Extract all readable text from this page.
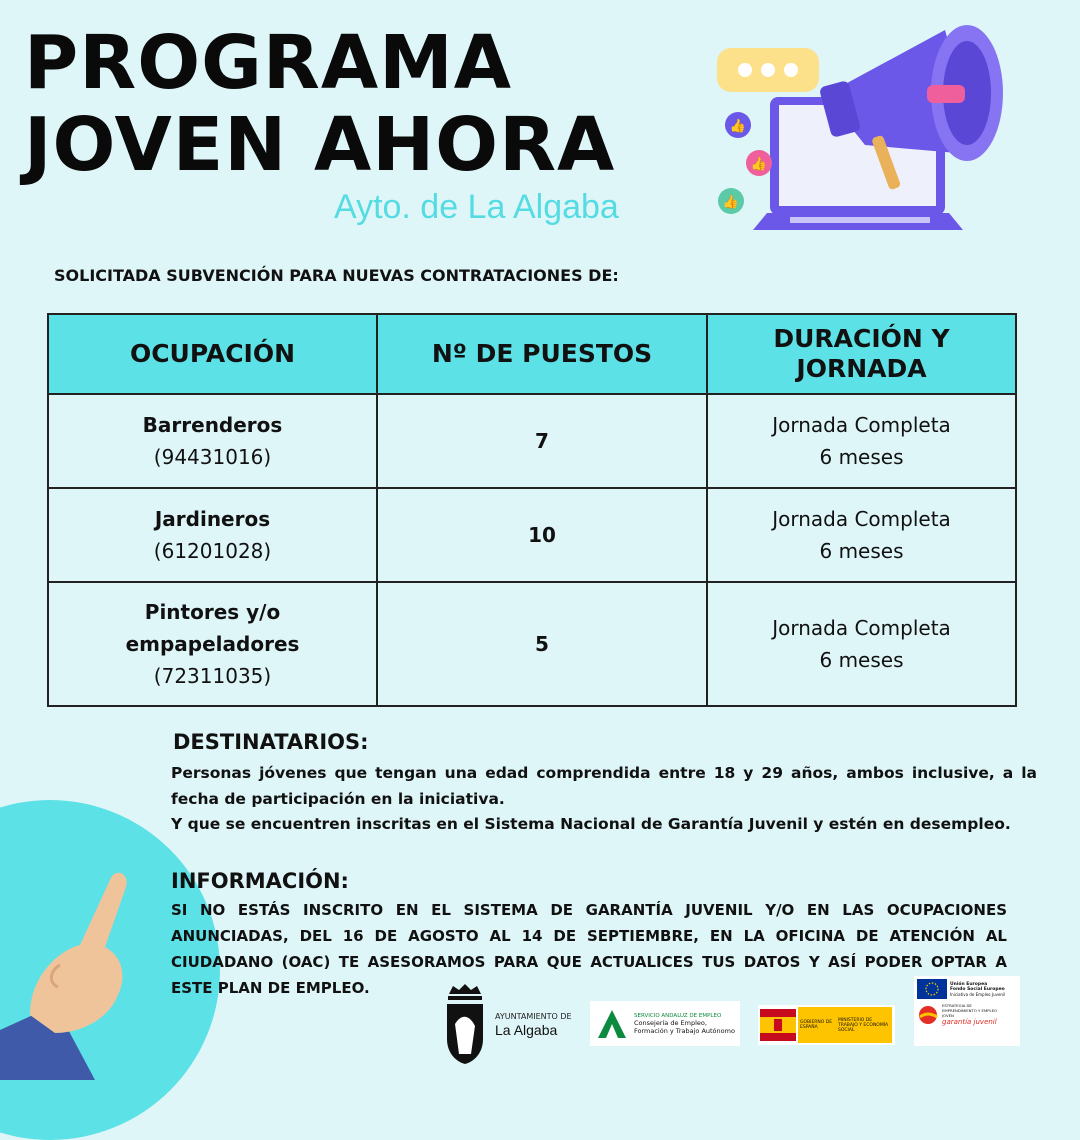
PROGRAMA
JOVEN AHORA
Ayto. de La Algaba
👍
👍
👍
SOLICITADA SUBVENCIÓN PARA NUEVAS CONTRATACIONES DE:
OCUPACIÓN	Nº DE PUESTOS	DURACIÓN Y JORNADA

Barrenderos
(94431016)	7	Jornada Completa
6 meses

Jardineros
(61201028)	10	Jornada Completa
6 meses

Pintores y/o empapeladores
(72311035)	5	Jornada Completa
6 meses
DESTINATARIOS:

Personas jóvenes que tengan una edad comprendida entre 18 y 29 años, ambos inclusive, a la fecha de participación en la iniciativa.

Y que se encuentren inscritas en el Sistema Nacional de Garantía Juvenil y estén en desempleo.

INFORMACIÓN:

SI NO ESTÁS INSCRITO EN EL SISTEMA DE GARANTÍA JUVENIL Y/O EN LAS OCUPACIONES ANUNCIADAS, DEL 16 DE AGOSTO AL 14 DE SEPTIEMBRE, EN LA OFICINA DE ATENCIÓN AL CIUDADANO (OAC) TE ASESORAMOS PARA QUE ACTUALICES TUS DATOS Y ASÍ PODER OPTAR A ESTE PLAN DE EMPLEO.

AYUNTAMIENTO DE
La Algaba
SERVICIO ANDALUZ DE EMPLEO
Consejería de Empleo,
Formación y Trabajo Autónomo
GOBIERNO DE ESPAÑA
MINISTERIO DE TRABAJO Y ECONOMÍA SOCIAL
Unión Europea
Fondo Social Europeo
Iniciativa de Empleo Juvenil
ESTRATEGIA DE EMPRENDIMIENTO Y EMPLEO JOVEN
garantía juvenil
